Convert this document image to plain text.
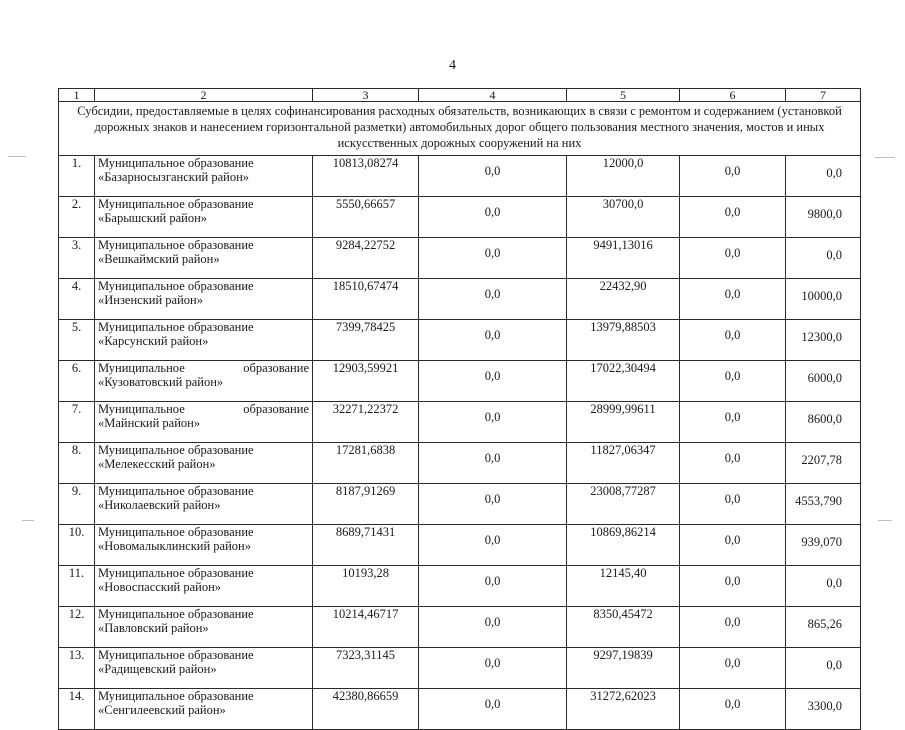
4
1	2	3	4	5	6	7
Субсидии, предоставляемые в целях софинансирования расходных обязательств, возникающих в связи с ремонтом и содержанием (установкой дорожных знаков и нанесением горизонтальной разметки) автомобильных дорог общего пользования местного значения, мостов и иных искусственных дорожных сооружений на них						
1.	Муниципальное образование
«Базарносызганский район»	10813,08274	0,0	12000,0	0,0	0,0
2.	Муниципальное образование
«Барышский район»	5550,66657	0,0	30700,0	0,0	9800,0
3.	Муниципальное образование
«Вешкаймский район»	9284,22752	0,0	9491,13016	0,0	0,0
4.	Муниципальное образование
«Инзенский район»	18510,67474	0,0	22432,90	0,0	10000,0
5.	Муниципальное образование
«Карсунский район»	7399,78425	0,0	13979,88503	0,0	12300,0
6.	Муниципальное образование
«Кузоватовский район»	12903,59921	0,0	17022,30494	0,0	6000,0
7.	Муниципальное образование
«Майнский район»	32271,22372	0,0	28999,99611	0,0	8600,0
8.	Муниципальное образование
«Мелекесский район»	17281,6838	0,0	11827,06347	0,0	2207,78
9.	Муниципальное образование
«Николаевский район»	8187,91269	0,0	23008,77287	0,0	4553,790
10.	Муниципальное образование
«Новомалыклинский район»	8689,71431	0,0	10869,86214	0,0	939,070
11.	Муниципальное образование
«Новоспасский район»	10193,28	0,0	12145,40	0,0	0,0
12.	Муниципальное образование
«Павловский район»	10214,46717	0,0	8350,45472	0,0	865,26
13.	Муниципальное образование
«Радищевский район»	7323,31145	0,0	9297,19839	0,0	0,0
14.	Муниципальное образование
«Сенгилеевский район»	42380,86659	0,0	31272,62023	0,0	3300,0
